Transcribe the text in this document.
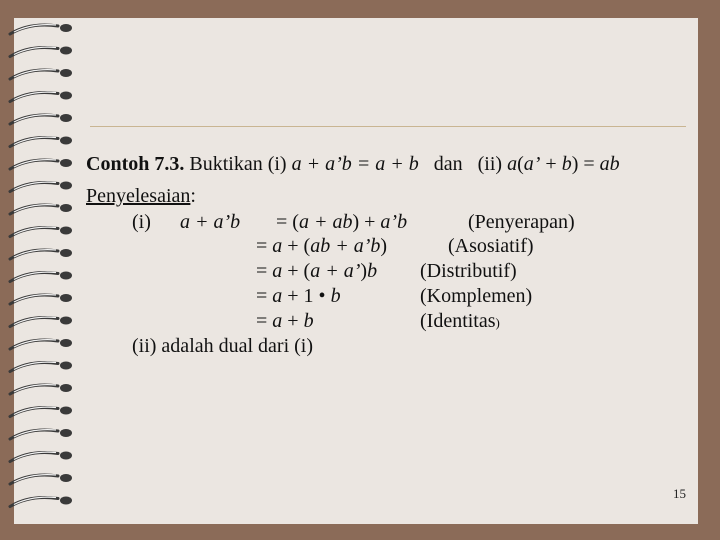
Contoh 7.3. Buktikan (i) a + a’b = a + b dan (ii) a(a’ + b) = ab
Penyelesaian:
(i) a + a’b = (a + ab) + a’b	(Penyerapan)
= a + (ab + a’b)	(Asosiatif)
= a + (a + a’)b (Distributif)
= a + 1 • b	(Komplemen)
= a + b	(Identitas)
(ii) adalah dual dari (i)
15
